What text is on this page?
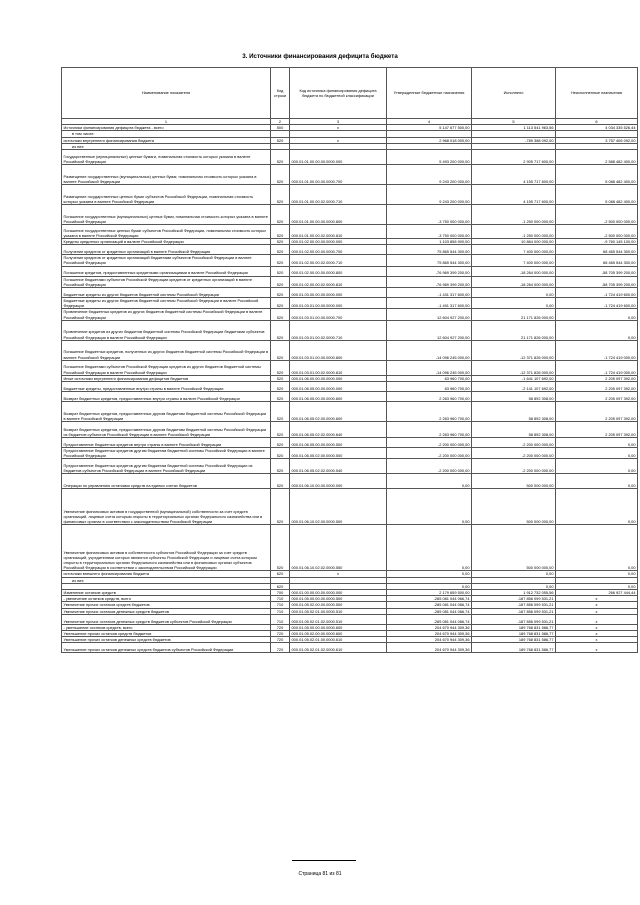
3. Источники финансирования дефицита бюджета
Наименование показателя	Код строки	Код источника финансирования дефицита бюджета по бюджетной классификации	Утвержденные бюджетные назначения	Исполнено	Неисполненные назначения
1	2	3	4	5	6
Источники финансирования дефицита бюджета - всего	500	x	5 147 677 500,00	1 113 541 963,56	4 034 335 526,44
в том числе:					
источники внутреннего финансирования бюджета	520	x	2 968 018 000,00	-789 388 092,00	3 757 406 092,00
из них:					
Государственные (муниципальные) ценные бумаги, номинальная стоимость которых указана в валюте Российской Федерации	520	000.01.01.00.00.00.0000.000	5 493 200 000,00	2 905 717 600,00	2 588 482 400,00
Размещение государственных (муниципальных) ценных бумаг, номинальная стоимость которых указана в валюте Российской Федерации	520	000.01.01.00.00.00.0000.700	9 243 200 000,00	4 155 717 600,00	5 088 482 400,00
Размещение государственных ценных бумаг субъектов Российской Федерации, номинальная стоимость которых указана в валюте Российской Федерации	520	000.01.01.00.00.02.0000.710	9 243 200 000,00	4 155 717 600,00	5 088 482 400,00
Погашение государственных (муниципальных) ценных бумаг, номинальная стоимость которых указана в валюте Российской Федерации	520	000.01.01.00.00.00.0000.800	-3 750 000 000,00	-1 250 000 000,00	-2 500 000 000,00
Погашение государственных ценных бумаг субъектов Российской Федерации, номинальная стоимость которых указана в валюте Российской Федерации	520	000.01.01.00.00.02.0000.810	-3 750 000 000,00	-1 250 000 000,00	-2 500 000 000,00
Кредиты кредитных организаций в валюте Российской Федерации	520	000.01.02.00.00.00.0000.000	1 103 858 900,00	10 864 000 000,00	-9 760 145 100,00
Получение кредитов от кредитных организаций в валюте Российской Федерации	520	000.01.02.00.00.00.0000.700	75 865 544 300,00	7 400 000 000,00	68 465 544 300,00
Получение кредитов от кредитных организаций бюджетами субъектов Российской Федерации в валюте Российской Федерации	520	000.01.02.00.00.02.0000.710	75 865 544 300,00	7 400 000 000,00	68 465 544 300,00
Погашение кредитов, предоставленных кредитными организациями в валюте Российской Федерации	520	000.01.02.00.00.00.0000.800	-76 969 399 200,00	-18 264 000 000,00	-58 705 399 200,00
Погашение бюджетами субъектов Российской Федерации кредитов от кредитных организаций в валюте Российской Федерации	520	000.01.02.00.00.02.0000.810	-76 969 399 200,00	-18 264 000 000,00	-58 705 399 200,00
Бюджетные кредиты из других бюджетов бюджетной системы Российской Федерации	520	000.01.03.00.00.00.0000.000	-1 431 317 600,00	0,00	-1 724 419 600,00
Бюджетные кредиты из других бюджетов бюджетной системы Российской Федерации в валюте Российской Федерации	520	000.01.03.01.00.00.0000.000	-1 491 317 600,00	0,00	-1 724 419 600,00
Привлечение бюджетных кредитов из других бюджетов бюджетной системы Российской Федерации в валюте Российской Федерации	520	000.01.03.01.00.00.0000.700	12 604 927 200,00	21 171 826 000,00	0,00
Привлечение кредитов из других бюджетов бюджетной системы Российской Федерации бюджетами субъектов Российской Федерации в валюте Российской Федерации	520	000.01.03.01.00.02.0000.710	12 604 927 200,00	21 171 826 000,00	0,00
Погашение бюджетных кредитов, полученных из других бюджетов бюджетной системы Российской Федерации в валюте Российской Федерации	520	000.01.03.01.00.00.0000.800	-14 096 245 000,00	-12 371 826 000,00	-1 724 419 000,00
Погашение бюджетами субъектов Российской Федерации кредитов из других бюджетов бюджетной системы Российской Федерации в валюте Российской Федерации	520	000.01.03.01.00.02.0000.810	-14 096 245 000,00	-12 371 826 000,00	-1 724 419 000,00
Иные источники внутреннего финансирования дефицитов бюджетов	520	000.01.06.00.00.00.0000.000	63 960 700,00	-1 641 107 692,00	2 205 097 392,00
Бюджетные кредиты, предоставленные внутри страны в валюте Российской Федерации	520	000.01.06.05.00.00.0000.000	63 960 700,00	-2 141 107 692,00	2 205 097 392,00
Возврат бюджетных кредитов, предоставленных внутри страны в валюте Российской Федерации	520	000.01.06.05.00.00.0000.600	2 263 960 700,00	58 892 308,00	2 205 097 392,00
Возврат бюджетных кредитов, предоставленных другим бюджетам бюджетной системы Российской Федерации в валюте Российской Федерации	520	000.01.06.05.02.00.0000.600	2 263 960 700,00	58 892 308,00	2 205 097 392,00
Возврат бюджетных кредитов, предоставленных другим бюджетам бюджетной системы Российской Федерации из бюджетов субъектов Российской Федерации в валюте Российской Федерации	520	000.01.06.05.02.02.0000.640	2 263 960 700,00	58 892 308,00	2 205 097 392,00
Предоставление бюджетных кредитов внутри страны в валюте Российской Федерации	520	000.01.06.05.00.00.0000.500	-2 200 000 000,00	-2 200 000 000,00	0,00
Предоставление бюджетных кредитов другим бюджетам бюджетной системы Российской Федерации в валюте Российской Федерации	520	000.01.06.05.02.00.0000.500	-2 200 000 000,00	-2 200 000 000,00	0,00
Предоставление бюджетных кредитов другим бюджетам бюджетной системы Российской Федерации из бюджетов субъектов Российской Федерации в валюте Российской Федерации	520	000.01.06.05.02.02.0000.540	-2 200 000 000,00	-2 200 000 000,00	0,00
Операции по управлению остатками средств на единых счетах бюджетов	520	000.01.06.10.00.00.0000.000	0,00	500 000 000,00	0,00
Увеличение финансовых активов в государственной (муниципальной) собственности за счет средств организаций, лицевые счета которым открыты в территориальных органах Федерального казначейства или в финансовых органах в соответствии с законодательством Российской Федерации	520	000.01.06.10.02.00.0000.500	0,00	500 000 000,00	0,00
Увеличение финансовых активов в собственности субъектов Российской Федерации за счет средств организаций, учредителями которых являются субъекты Российской Федерации и лицевые счета которым открыты в территориальных органах Федерального казначейства или в финансовых органах субъектов Российской Федерации в соответствии с законодательством Российской Федерации	520	000.01.06.10.02.02.0000.550	0,00	500 000 000,00	0,00
источники внешнего финансирования бюджета	620	x	0,00	0,00	0,00
из них:					
	620		0,00	0,00	0,00
Изменение остатков средств	700	000.01.00.00.00.00.0000.000	2 179 659 500,00	1 912 732 055,56	266 927 444,44
- увеличение остатков средств, всего	710	000.01.05.00.00.00.0000.500	-285 081 044 066,74	-187 856 099 531,21	x
Увеличение прочих остатков средств бюджетов	710	000.01.05.02.00.00.0000.500	-285 081 044 066,74	-187 856 099 531,21	x
Увеличение прочих остатков денежных средств бюджетов	710	000.01.05.02.01.00.0000.510	-285 081 044 066,74	-187 856 099 531,21	x
Увеличение прочих остатков денежных средств бюджетов субъектов Российской Федерации	710	000.01.05.02.01.02.0000.510	-285 081 044 066,74	-187 856 099 531,21	x
- уменьшение остатков средств, всего	720	000.01.05.00.00.00.0000.600	204 670 944 309,36	189 768 831 586,77	x
Уменьшение прочих остатков средств бюджетов	720	000.01.05.02.00.00.0000.600	204 670 944 309,36	189 768 831 586,77	x
Уменьшение прочих остатков денежных средств бюджетов	720	000.01.05.02.01.00.0000.610	204 670 944 309,36	189 768 831 586,77	x
Уменьшение прочих остатков денежных средств бюджетов субъектов Российской Федерации	720	000.01.05.02.01.02.0000.610	204 670 944 309,36	189 768 831 586,77	x
Страница 81 из 81
